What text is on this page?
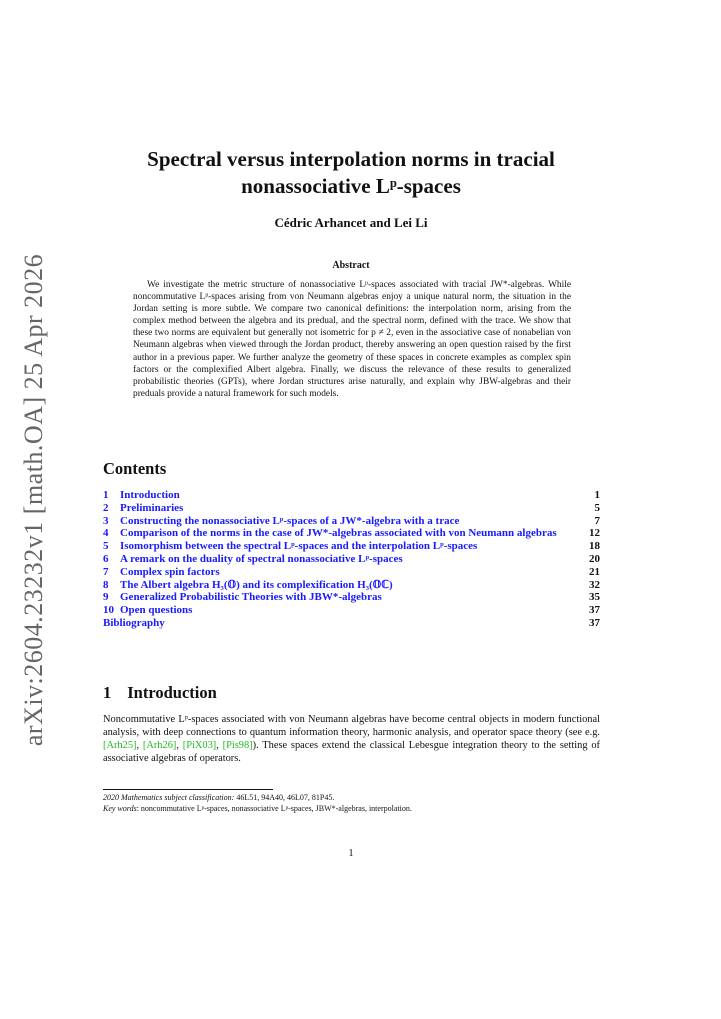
arXiv:2604.23232v1 [math.OA] 25 Apr 2026
Spectral versus interpolation norms in tracial
nonassociative Lᵖ-spaces
Cédric Arhancet and Lei Li
Abstract
We investigate the metric structure of nonassociative Lᵖ-spaces associated with tracial JW*-algebras. While noncommutative Lᵖ-spaces arising from von Neumann algebras enjoy a unique natural norm, the situation in the Jordan setting is more subtle. We compare two canonical definitions: the interpolation norm, arising from the complex method between the algebra and its predual, and the spectral norm, defined with the trace. We show that these two norms are equivalent but generally not isometric for p ≠ 2, even in the associative case of nonabelian von Neumann algebras when viewed through the Jordan product, thereby answering an open question raised by the first author in a previous paper. We further analyze the geometry of these spaces in concrete examples as complex spin factors or the complexified Albert algebra. Finally, we discuss the relevance of these results to generalized probabilistic theories (GPTs), where Jordan structures arise naturally, and explain why JBW-algebras and their preduals provide a natural framework for such models.
Contents
1	Introduction	1
2	Preliminaries	5
3	Constructing the nonassociative Lᵖ-spaces of a JW*-algebra with a trace	7
4	Comparison of the norms in the case of JW*-algebras associated with von Neumann algebras	12
5	Isomorphism between the spectral Lᵖ-spaces and the interpolation Lᵖ-spaces	18
6	A remark on the duality of spectral nonassociative Lᵖ-spaces	20
7	Complex spin factors	21
8	The Albert algebra H₃(𝕆) and its complexification H₃(𝕆ℂ)	32
9	Generalized Probabilistic Theories with JBW*-algebras	35
10 Open questions	37
Bibliography	37
1 Introduction
Noncommutative Lᵖ-spaces associated with von Neumann algebras have become central objects in modern functional analysis, with deep connections to quantum information theory, harmonic analysis, and operator space theory (see e.g. [Arh25], [Arh26], [PiX03], [Pis98]). These spaces extend the classical Lebesgue integration theory to the setting of associative algebras of operators.
2020 Mathematics subject classification: 46L51, 94A40, 46L07, 81P45.
Key words: noncommutative Lᵖ-spaces, nonassociative Lᵖ-spaces, JBW*-algebras, interpolation.
1
